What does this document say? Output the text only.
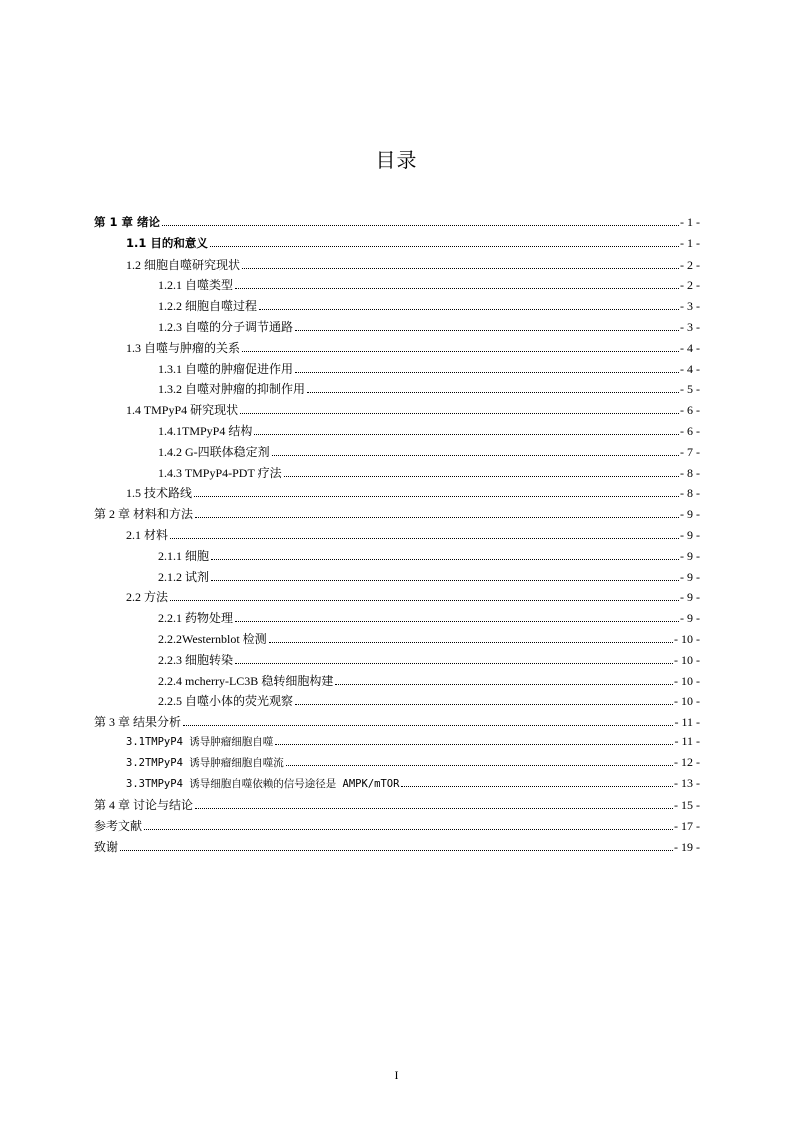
目录
第 1 章 绪论	- 1 -
1.1 目的和意义	- 1 -
1.2 细胞自噬研究现状	- 2 -
1.2.1 自噬类型	- 2 -
1.2.2 细胞自噬过程	- 3 -
1.2.3 自噬的分子调节通路	- 3 -
1.3 自噬与肿瘤的关系	- 4 -
1.3.1 自噬的肿瘤促进作用	- 4 -
1.3.2 自噬对肿瘤的抑制作用	- 5 -
1.4 TMPyP4 研究现状	- 6 -
1.4.1TMPyP4 结构	- 6 -
1.4.2 G-四联体稳定剂	- 7 -
1.4.3 TMPyP4-PDT 疗法	- 8 -
1.5 技术路线	- 8 -
第 2 章 材料和方法	- 9 -
2.1 材料	- 9 -
2.1.1 细胞	- 9 -
2.1.2 试剂	- 9 -
2.2 方法	- 9 -
2.2.1 药物处理	- 9 -
2.2.2Westernblot 检测	- 10 -
2.2.3 细胞转染	- 10 -
2.2.4 mcherry-LC3B 稳转细胞构建	- 10 -
2.2.5 自噬小体的荧光观察	- 10 -
第 3 章 结果分析	- 11 -
3.1TMPyP4 诱导肿瘤细胞自噬	- 11 -
3.2TMPyP4 诱导肿瘤细胞自噬流	- 12 -
3.3TMPyP4 诱导细胞自噬依赖的信号途径是 AMPK/mTOR	- 13 -
第 4 章 讨论与结论	- 15 -
参考文献	- 17 -
致谢	- 19 -
I
